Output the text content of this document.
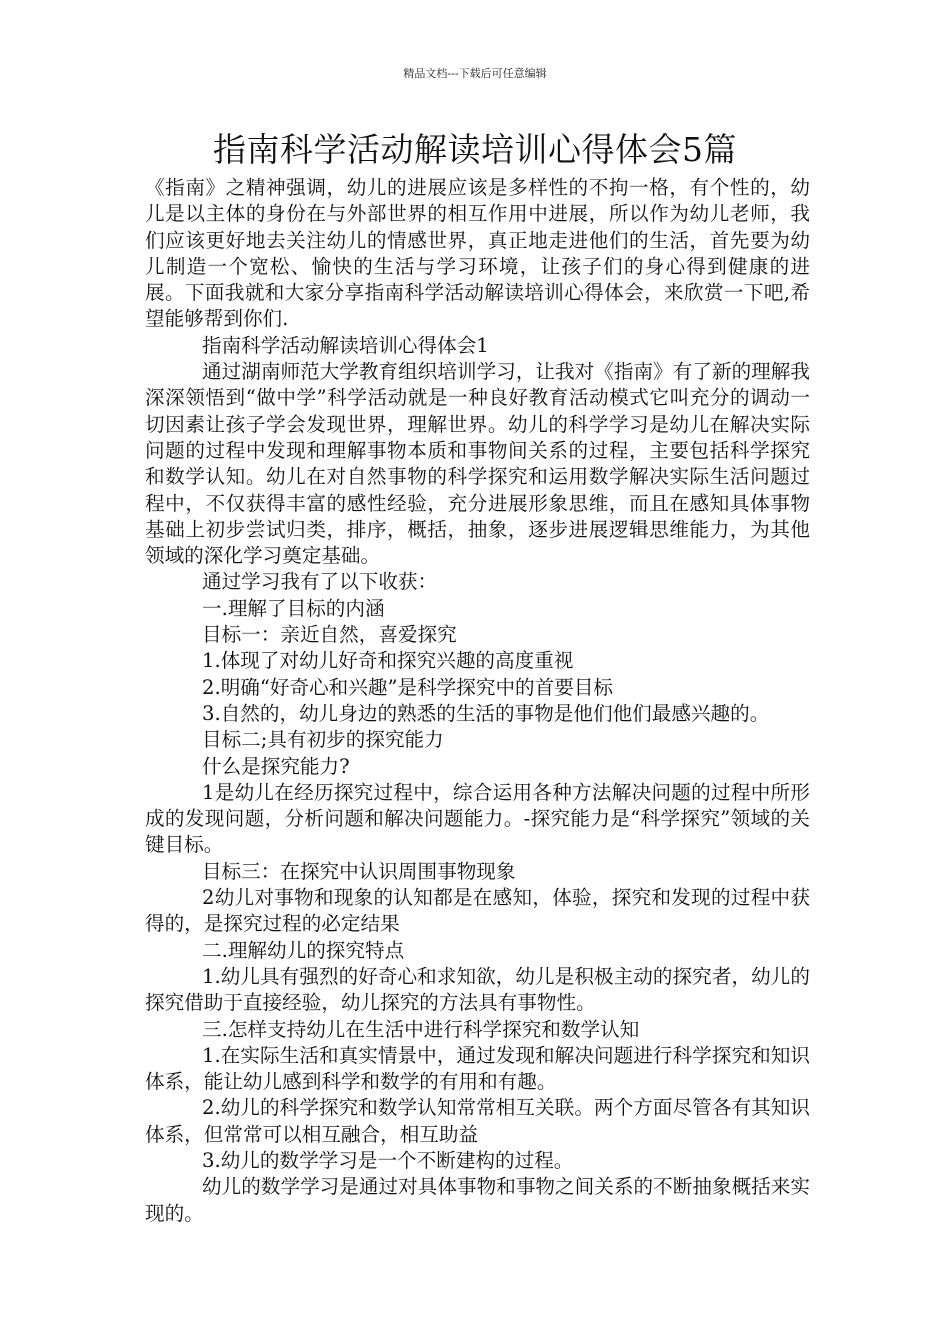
精品文档---下载后可任意编辑
指南科学活动解读培训心得体会5篇

《指南》之精神强调，幼儿的进展应该是多样性的不拘一格，有个性的，幼儿是以主体的身份在与外部世界的相互作用中进展，所以作为幼儿老师，我们应该更好地去关注幼儿的情感世界，真正地走进他们的生活，首先要为幼儿制造一个宽松、愉快的生活与学习环境，让孩子们的身心得到健康的进展。下面我就和大家分享指南科学活动解读培训心得体会，来欣赏一下吧,希望能够帮到你们.

指南科学活动解读培训心得体会1

通过湖南师范大学教育组织培训学习，让我对《指南》有了新的理解我深深领悟到“做中学”科学活动就是一种良好教育活动模式它叫充分的调动一切因素让孩子学会发现世界，理解世界。幼儿的科学学习是幼儿在解决实际问题的过程中发现和理解事物本质和事物间关系的过程，主要包括科学探究和数学认知。幼儿在对自然事物的科学探究和运用数学解决实际生活问题过程中，不仅获得丰富的感性经验，充分进展形象思维，而且在感知具体事物基础上初步尝试归类，排序，概括，抽象，逐步进展逻辑思维能力，为其他领域的深化学习奠定基础。

通过学习我有了以下收获：

一.理解了目标的内涵

目标一：亲近自然，喜爱探究

1.体现了对幼儿好奇和探究兴趣的高度重视

2.明确“好奇心和兴趣”是科学探究中的首要目标

3.自然的，幼儿身边的熟悉的生活的事物是他们他们最感兴趣的。

目标二;具有初步的探究能力

什么是探究能力?

1是幼儿在经历探究过程中，综合运用各种方法解决问题的过程中所形成的发现问题，分析问题和解决问题能力。-探究能力是“科学探究”领域的关键目标。

目标三：在探究中认识周围事物现象

2幼儿对事物和现象的认知都是在感知，体验，探究和发现的过程中获得的，是探究过程的必定结果

二.理解幼儿的探究特点

1.幼儿具有强烈的好奇心和求知欲，幼儿是积极主动的探究者，幼儿的探究借助于直接经验，幼儿探究的方法具有事物性。

三.怎样支持幼儿在生活中进行科学探究和数学认知

1.在实际生活和真实情景中，通过发现和解决问题进行科学探究和知识体系，能让幼儿感到科学和数学的有用和有趣。

2.幼儿的科学探究和数学认知常常相互关联。两个方面尽管各有其知识体系，但常常可以相互融合，相互助益

3.幼儿的数学学习是一个不断建构的过程。

幼儿的数学学习是通过对具体事物和事物之间关系的不断抽象概括来实现的。
